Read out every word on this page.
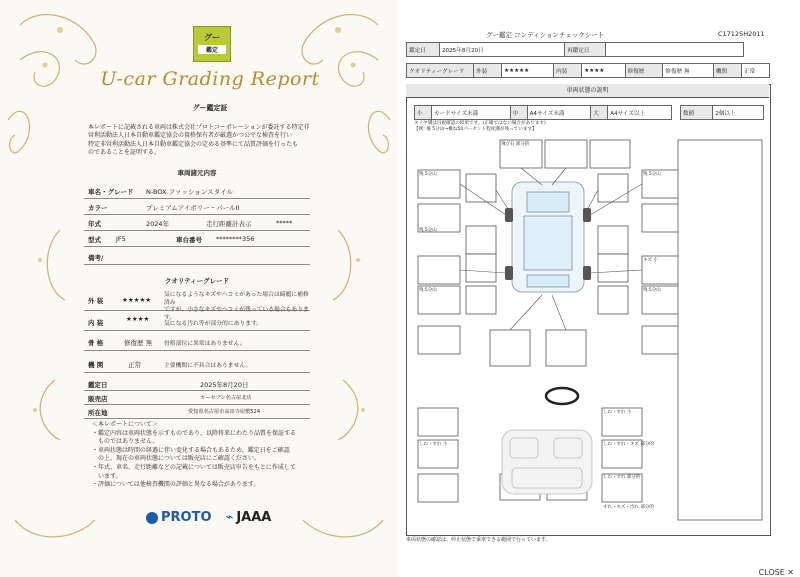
グー
鑑定
U-car Grading Report
グー鑑定証
本レポートに記載される車両は株式会社プロトコーポレーションが委託する特定非
営利活動法人日本自動車鑑定協会の資格保有者が厳選かつ公平な検査を行い
特定非営利活動法人日本自動車鑑定協会の定める基準にて品質評価を行ったも
のであることを証明する。
車両諸元内容
車名・グレード N-BOX ファッションスタイル
カラー	プレミアムアイボリー・パールII
年式	2024年	走行距離計表示	*****
型式 JF5	車台番号 ********356
備考/
クオリティーグレード
外 装	★★★★★
気になるようなキズやヘコミがあった場合は綺麗に補修済み
ですが、小さなキズやヘコミが残っている場合もあります。
内 装	★★★★
気になる汚れ等が部分的にあります。
骨 格	修復歴 無 骨格部位に異常はありません。
機 関	正常	主要機関に不具合はありません。
鑑定日	2025年8月20日
販売店	カーセブン名古屋北店
所在地	愛知県名古屋市高田寺屋敷524
＜本レポートについて＞
・鑑定内容は車両状態を示すものであり、以降将来にわたり品質を保証する
　ものではありません。
・車両状態は時間の経過に伴い変化する場合もあるため、鑑定日をご確認
　の上、現在の車両状態については販売店にご確認ください。
・年式、車名、走行距離などの記載については販売店申告をもとに作成して
　います。
・評価については他検査機関の評価と異なる場合があります。
PROTO ⌁ JAAA
グー鑑定 コンディションチェックシート	C17125H2011
鑑定日	2025年8月20日	再鑑定日	
クオリティーグレード	外装	★★★★★	内装	★★★★	修復歴	修復歴 無	機関	正常
車両状態の説明
小	カードサイズ未満	中	A4サイズ未満	大	A4サイズ以上	数値	2個以上
タイヤ溝は目視確認の結果です。(正確ではない場合があります)
【例: 後 5分山→概ね50パーセント程度溝が残っています】
飛び石 部分的
残 5分山	残 5分山
残 5分山
キズ 小
残 5分山	残 5分山
しわ・すれ 小
しわ・すれ・キズ 部分的
しわ・すれ 部分的
しわ・すれ 小
すれ・キズ・汚れ 部分的
車両状態の確認は、停止状態で乗車できる範囲で行っています。
CLOSE ✕
